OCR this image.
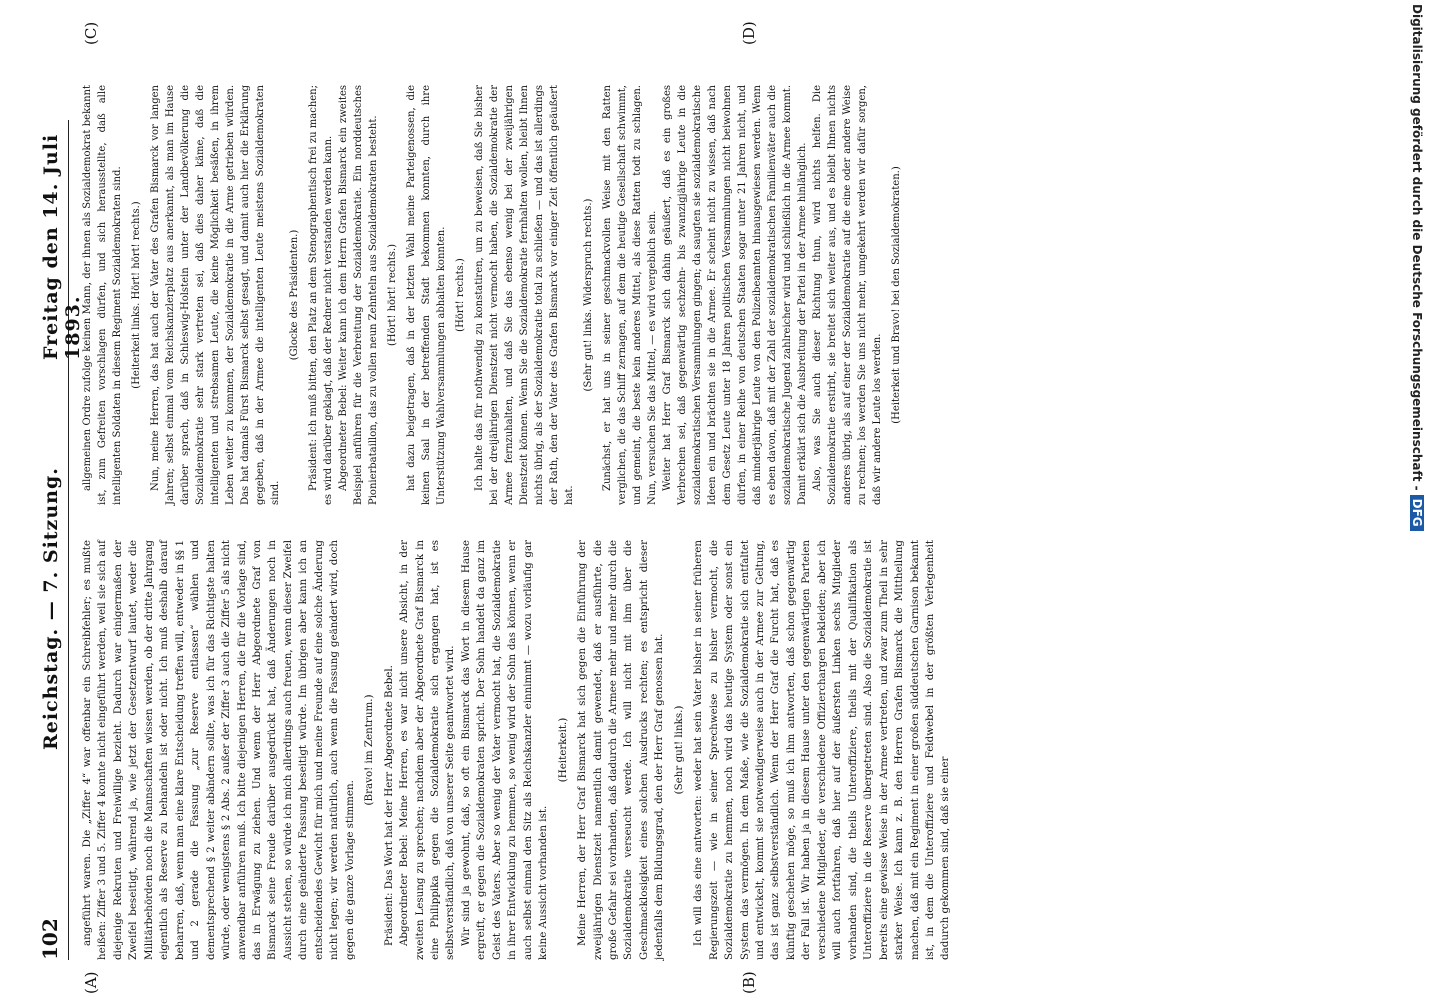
102
Reichstag. — 7. Sitzung.
Freitag den 14. Juli 1893.
(A)	(B)
(C)	(D)

angeführt waren. Die „Ziffer 4“ war offenbar ein Schreibfehler; es mußte heißen: Ziffer 3 und 5. Ziffer 4 konnte nicht eingeführt werden, weil sie sich auf diejenige Rekruten und Freiwillige bezieht. Dadurch war einigermaßen der Zweifel beseitigt, während ja, wie jetzt der Gesetzentwurf lautet, weder die Militärbehörden noch die Mannschaften wissen werden, ob der dritte Jahrgang eigentlich als Reserve zu behandeln ist oder nicht. Ich muß deshalb darauf beharren, daß, wenn man eine klare Entscheidung treffen will, entweder in §§ 1 und 2 gerade die Fassung „zur Reserve entlassen“ wählen und dementsprechend § 2 weiter abändern sollte, was ich für das Richtigste halten würde, oder wenigstens § 2 Abs. 2 außer der Ziffer 3 auch die Ziffer 5 als nicht anwendbar anführen muß. Ich bitte diejenigen Herren, die für die Vorlage sind, das in Erwägung zu ziehen. Und wenn der Herr Abgeordnete Graf von Bismarck seine Freude darüber ausgedrückt hat, daß Änderungen noch in Aussicht stehen, so würde ich mich allerdings auch freuen, wenn dieser Zweifel durch eine geänderte Fassung beseitigt würde. Im übrigen aber kann ich an entscheidendes Gewicht für mich und meine Freunde auf eine solche Änderung nicht legen; wir werden natürlich, auch wenn die Fassung geändert wird, doch gegen die ganze Vorlage stimmen.

(Bravo! im Zentrum.) Präsident: Das Wort hat der Herr Abgeordnete Bebel. Abgeordneter Bebel: Meine Herren, es war nicht unsere Absicht, in der zweiten Lesung zu sprechen; nachdem aber der Abgeordnete Graf Bismarck in eine Philippika gegen die Sozialdemokratie sich ergangen hat, ist es selbstverständlich, daß von unserer Seite geantwortet wird. Wir sind ja gewohnt, daß, so oft ein Bismarck das Wort in diesem Hause ergreift, er gegen die Sozialdemokraten spricht. Der Sohn handelt da ganz im Geist des Vaters. Aber so wenig der Vater vermocht hat, die Sozialdemokratie in ihrer Entwicklung zu hemmen, so wenig wird der Sohn das können, wenn er auch selbst einmal den Sitz als Reichskanzler einnimmt — wozu vorläufig gar keine Aussicht vorhanden ist.

(Heiterkeit.) Meine Herren, der Herr Graf Bismarck hat sich gegen die Einführung der zweijährigen Dienstzeit namentlich damit gewendet, daß er ausführte, die große Gefahr sei vorhanden, daß dadurch die Armee mehr und mehr durch die Sozialdemokratie verseucht werde. Ich will nicht mit ihm über die Geschmacklosigkeit eines solchen Ausdrucks rechten; es entspricht dieser jedenfalls dem Bildungsgrad, den der Herr Graf genossen hat. (Sehr gut! links.) Ich will das eine antworten: weder hat sein Vater bisher in seiner früheren Regierungszeit — wie in seiner Sprechweise zu bisher vermocht, die Sozialdemokratie zu hemmen, noch wird das heutige System oder sonst ein System das vermögen. In dem Maße, wie die Sozialdemokratie sich entfaltet und entwickelt, kommt sie notwendigerweise auch in der Armee zur Geltung, das ist ganz selbstverständlich. Wenn der Herr Graf die Furcht hat, daß es künftig geschehen möge, so muß ich ihm antworten, daß schon gegenwärtig der Fall ist. Wir haben ja in diesem Hause unter den gegenwärtigen Parteien verschiedene Mitglieder, die verschiedene Offizierchargen bekleiden; aber ich will auch fortfahren, daß hier auf der äußersten Linken sechs Mitglieder vorhanden sind, die theils Unteroffiziere, theils mit der Qualifikation als Unteroffiziere in die Reserve übergetreten sind. Also die Sozialdemokratie ist bereits eine gewisse Weise in der Armee vertreten, und zwar zum Theil in sehr starker Weise. Ich kann z. B. den Herren Grafen Bismarck die Mittheilung machen, daß mit ein Regiment in einer großen süddeutschen Garnison bekannt ist, in dem die Unteroffiziere und Feldwebel in der größten Verlegenheit dadurch gekommen sind, daß sie einer

allgemeinen Ordre zufolge keinen Mann, der ihnen als Sozialdemokrat bekannt ist, zum Gefreiten vorschlagen dürfen, und sich herausstellte, daß alle intelligenten Soldaten in diesem Regiment Sozialdemokraten sind. (Heiterkeit links. Hört! hört! rechts.) Nun, meine Herren, das hat auch der Vater des Grafen Bismarck vor langen Jahren; selbst einmal vom Reichskanzlerplatz aus anerkannt, als man im Hause darüber sprach, daß in Schleswig-Holstein unter der Landbevölkerung die Sozialdemokratie sehr stark vertreten sei, daß dies daher käme, daß die intelligenten und strebsamen Leute, die keine Möglichkeit besäßen, in ihrem Leben weiter zu kommen, der Sozialdemokratie in die Arme getrieben würden. Das hat damals Fürst Bismarck selbst gesagt, und damit auch hier die Erklärung gegeben, daß in der Armee die intelligenten Leute meistens Sozialdemokraten sind.

(Glocke des Präsidenten.) Präsident: Ich muß bitten, den Platz an dem Stenographentisch frei zu machen; es wird darüber geklagt, daß der Redner nicht verstanden werden kann. Abgeordneter Bebel: Weiter kann ich dem Herrn Grafen Bismarck ein zweites Beispiel anführen für die Verbreitung der Sozialdemokratie. Ein norddeutsches Pionierbataillon, das zu vollen neun Zehnteln aus Sozialdemokraten besteht. (Hört! hört! rechts.) hat dazu beigetragen, daß in der letzten Wahl meine Parteigenossen, die keinen Saal in der betreffenden Stadt bekommen konnten, durch ihre Unterstützung Wahlversammlungen abhalten konnten. (Hört! rechts.) Ich halte das für nothwendig zu konstatiren, um zu beweisen, daß Sie bisher bei der dreijährigen Dienstzeit nicht vermocht haben, die Sozialdemokratie der Armee fernzuhalten, und daß Sie das ebenso wenig bei der zweijährigen Dienstzeit können. Wenn Sie die Sozialdemokratie fernhalten wollen, bleibt Ihnen nichts übrig, als der Sozialdemokratie total zu schließen — und das ist allerdings der Rath, den der Vater des Grafen Bismarck vor einiger Zeit öffentlich geäußert hat.

(Sehr gut! links. Widerspruch rechts.) Zunächst, er hat uns in seiner geschmackvollen Weise mit den Ratten verglichen, die das Schiff zernagen, auf dem die heutige Gesellschaft schwimmt, und gemeint, die beste kein anderes Mittel, als diese Ratten todt zu schlagen. Nun, versuchen Sie das Mittel, — es wird vergeblich sein. Weiter hat Herr Graf Bismarck sich dahin geäußert, daß es ein großes Verbrechen sei, daß gegenwärtig sechzehn- bis zwanzigjährige Leute in die sozialdemokratischen Versammlungen gingen; da saugten sie sozialdemokratische Ideen ein und brächten sie in die Armee. Er scheint nicht zu wissen, daß nach dem Gesetz Leute unter 18 Jahren politischen Versammlungen nicht beiwohnen dürfen, in einer Reihe von deutschen Staaten sogar unter 21 Jahren nicht, und daß minderjährige Leute von den Polizeibeamten hinausgewiesen werden. Wenn es eben davon, daß mit der Zahl der sozialdemokratischen Familienväter auch die sozialdemokratische Jugend zahlreicher wird und schließlich in die Armee kommt. Damit erklärt sich die Ausbreitung der Partei in der Armee hinlänglich. Also, was Sie auch dieser Richtung thun, wird nichts helfen. Die Sozialdemokratie erstirbt, sie breitet sich weiter aus, und es bleibt Ihnen nichts anderes übrig, als auf einer der Sozialdemokratie auf die eine oder andere Weise zu rechnen; los werden Sie uns nicht mehr, umgekehrt werden wir dafür sorgen, daß wir andere Leute los werden. (Heiterkeit und Bravo! bei den Sozialdemokraten.)	Digitalisierung gefördert durch die Deutsche Forschungsgemeinschaft -DFG
